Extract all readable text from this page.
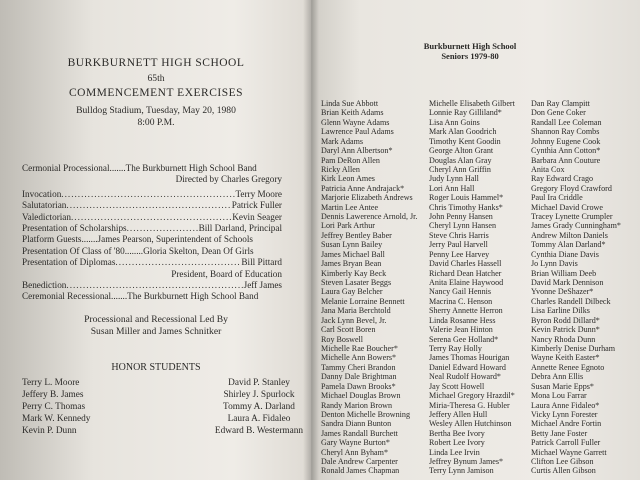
BURKBURNETT HIGH SCHOOL
65th
COMMENCEMENT EXERCISES
Bulldog Stadium, Tuesday, May 20, 1980
8:00 P.M.
Cermonial Processional ....... The Burkburnett High School Band
Directed by Charles Gregory
Invocation .....	Terry Moore
Salutatorian .....	Patrick Fuller
Valedictorian .....	Kevin Seager
Presentation of Scholarships .....	Bill Darland, Principal
Platform Guests ....... James Pearson, Superintendent of Schools
Presentation Of Class of '80 ........ Gloria Skelton, Dean Of Girls
Presentation of Diplomas .....	Bill Pittard
President, Board of Education
Benediction .....	Jeff James
Ceremonial Recessional ....... The Burkburnett High School Band
Processional and Recessional Led By
Susan Miller and James Schnitker
HONOR STUDENTS
Terry L. Moore
Jeffery B. James
Perry C. Thomas
Mark W. Kennedy
Kevin P. Dunn
David P. Stanley
Shirley J. Spurlock
Tommy A. Darland
Laura A. Fidaleo
Edward B. Westermann
Burkburnett High School
Seniors 1979-80
Linda Sue Abbott
Brian Keith Adams
Glenn Wayne Adams
Lawrence Paul Adams
Mark Adams
Daryl Ann Albertson*
Pam DeRon Allen
Ricky Allen
Kirk Leon Ames
Patricia Anne Andrajack*
Marjorie Elizabeth Andrews
Martin Lee Antee
Dennis Lawerence Arnold, Jr.
Lori Park Arthur
Jeffrey Bentley Baber
Susan Lynn Bailey
James Michael Ball
James Bryan Bean
Kimberly Kay Beck
Steven Lasater Beggs
Laura Gay Belcher
Melanie Lorraine Bennett
Jana Maria Berchtold
Jack Lynn Bevel, Jr.
Carl Scott Boren
Roy Boswell
Michelle Rae Boucher*
Michelle Ann Bowers*
Tammy Cheri Brandon
Danny Dale Brightman
Pamela Dawn Brooks*
Michael Douglas Brown
Randy Marion Brown
Denton Michelle Browning
Sandra Diann Bunton
James Randall Burchett
Gary Wayne Burton*
Cheryl Ann Byham*
Dale Andrew Carpenter
Ronald James Chapman
Michelle Elisabeth Gilbert
Lonnie Ray Gilliland*
Lisa Ann Goins
Mark Alan Goodrich
Timothy Kent Goodin
George Alton Grant
Douglas Alan Gray
Cheryl Ann Griffin
Judy Lynn Hall
Lori Ann Hall
Roger Louis Hammel*
Chris Timothy Hanks*
John Penny Hansen
Cheryl Lynn Hansen
Steve Chris Harris
Jerry Paul Harvell
Penny Lee Harvey
David Charles Hassell
Richard Dean Hatcher
Anita Elaine Haywood
Nancy Gail Hennis
Macrina C. Henson
Sherry Annette Herron
Linda Rosanne Hess
Valerie Jean Hinton
Serena Gee Holland*
Terry Ray Holly
James Thomas Hourigan
Daniel Edward Howard
Neal Rudolf Howard*
Jay Scott Howell
Michael Gregory Hrazdil*
Miria-Theresa G. Hubler
Jeffery Allen Hull
Wesley Allen Hutchinson
Bertha Bee Ivory
Robert Lee Ivory
Linda Lee Irvin
Jeffrey Bynum James*
Terry Lynn Jamison
Dan Ray Clampitt
Don Gene Coker
Randall Lee Coleman
Shannon Ray Combs
Johnny Eugene Cook
Cynthia Ann Cotton*
Barbara Ann Couture
Anita Cox
Ray Edward Crago
Gregory Floyd Crawford
Paul Ira Criddle
Michael David Crowe
Tracey Lynette Crumpler
James Grady Cunningham*
Andrew Milton Daniels
Tommy Alan Darland*
Cynthia Diane Davis
Jo Lynn Davis
Brian William Deeb
David Mark Dennison
Yvonne DeShazer*
Charles Randell Dilbeck
Lisa Earline Dilks
Byron Rodd Dillard*
Kevin Patrick Dunn*
Nancy Rhoda Dunn
Kimberly Denise Durham
Wayne Keith Easter*
Annette Renee Egnoto
Debra Ann Ellis
Susan Marie Epps*
Mona Lou Farrar
Laura Anne Fidaleo*
Vicky Lynn Forester
Michael Andre Fortin
Betty Jane Foster
Patrick Carroll Fuller
Michael Wayne Garrett
Clifton Lee Gibson
Curtis Allen Gibson
